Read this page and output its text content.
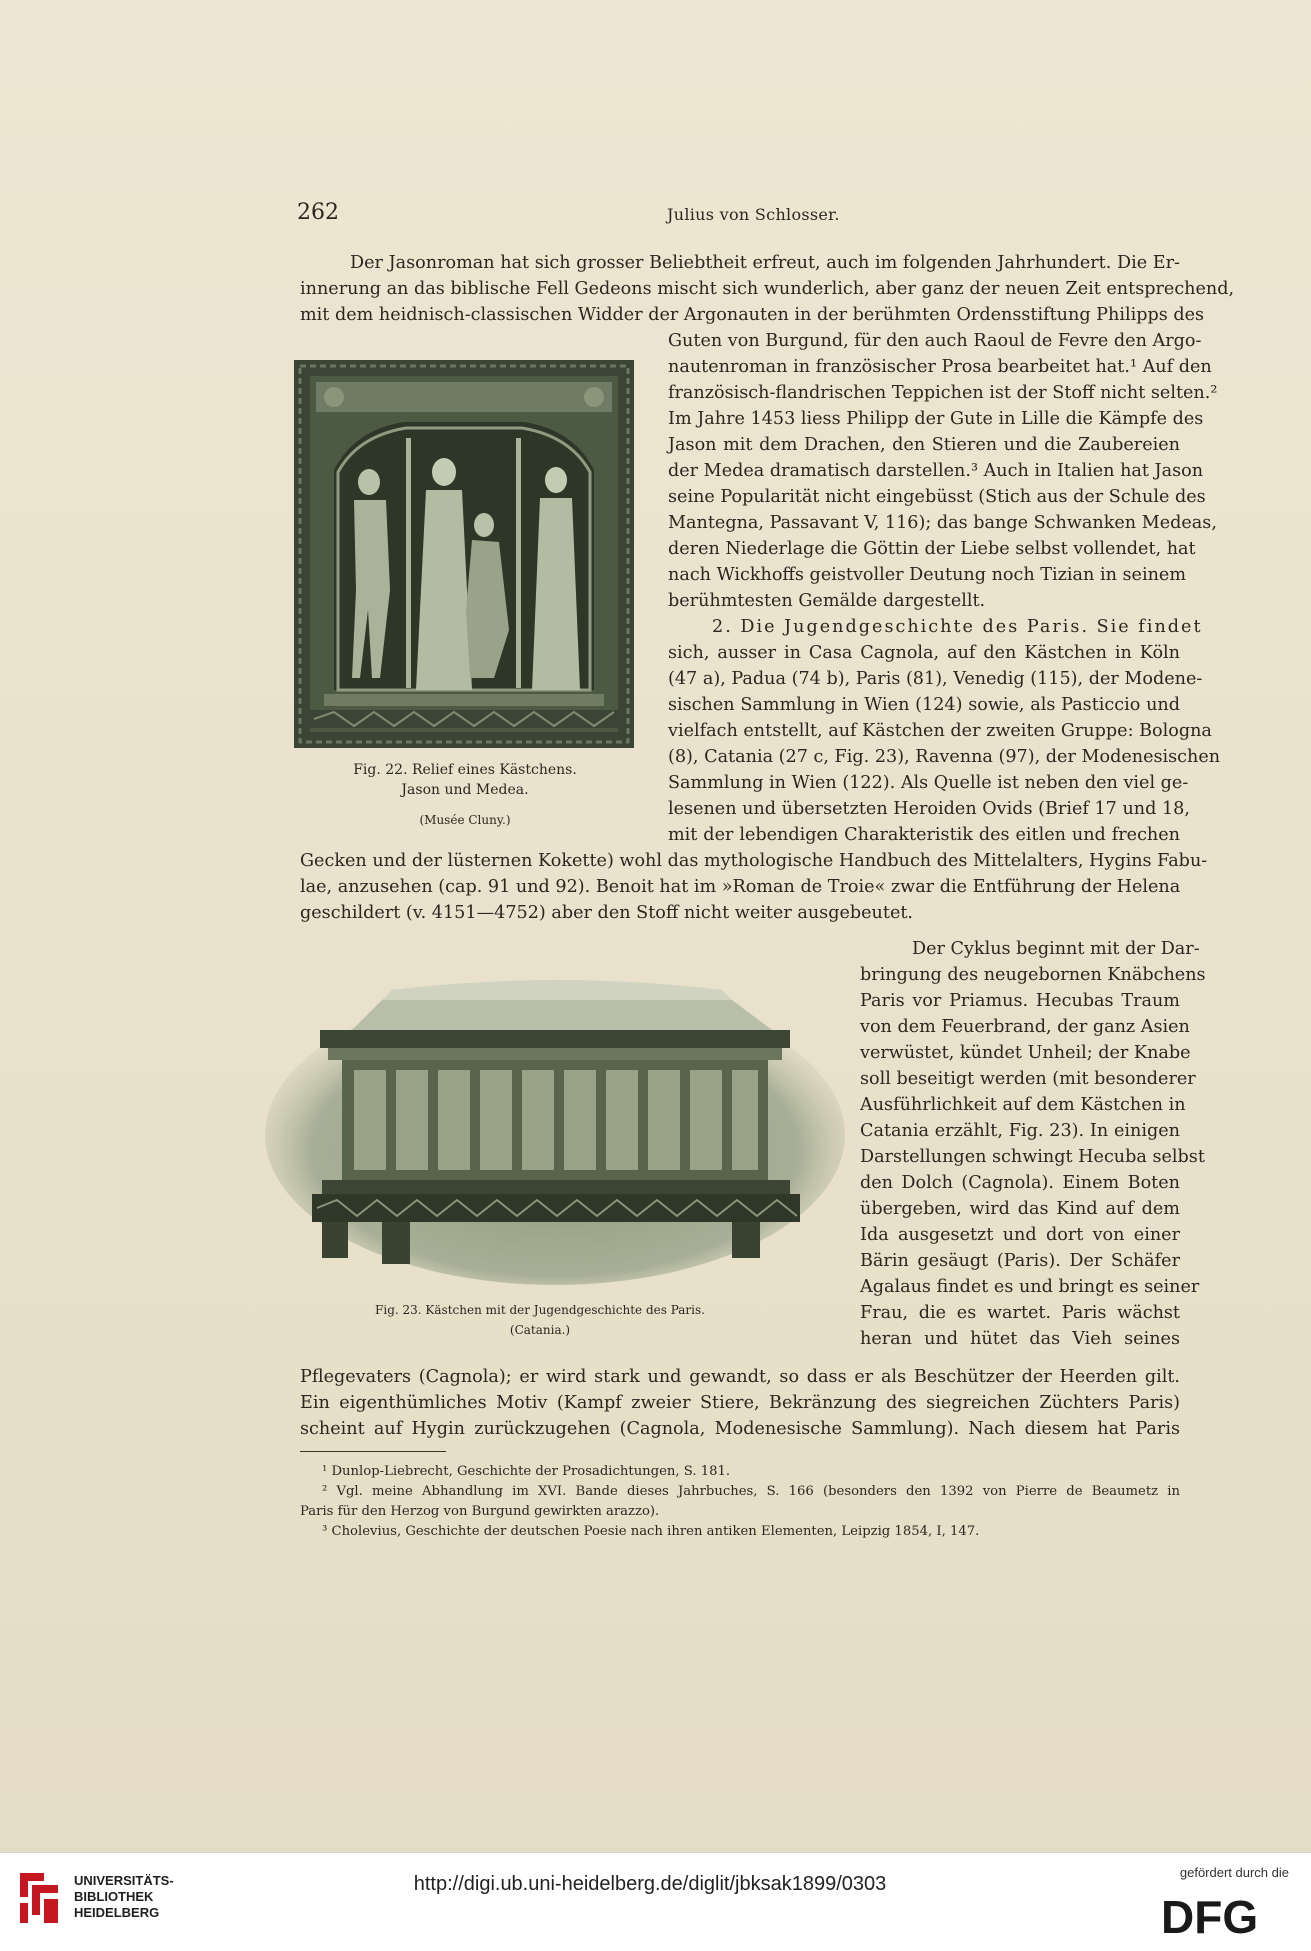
262	Julius von Schlosser.
Der Jasonroman hat sich grosser Beliebtheit erfreut, auch im folgenden Jahrhundert. Die Er-
innerung an das biblische Fell Gedeons mischt sich wunderlich, aber ganz der neuen Zeit entsprechend,
mit dem heidnisch-classischen Widder der Argonauten in der berühmten Ordensstiftung Philipps des
Guten von Burgund, für den auch Raoul de Fevre den Argo-
nautenroman in französischer Prosa bearbeitet hat.¹ Auf den
französisch-flandrischen Teppichen ist der Stoff nicht selten.²
Im Jahre 1453 liess Philipp der Gute in Lille die Kämpfe des
Jason mit dem Drachen, den Stieren und die Zaubereien
der Medea dramatisch darstellen.³ Auch in Italien hat Jason
seine Popularität nicht eingebüsst (Stich aus der Schule des
Mantegna, Passavant V, 116); das bange Schwanken Medeas,
deren Niederlage die Göttin der Liebe selbst vollendet, hat
nach Wickhoffs geistvoller Deutung noch Tizian in seinem
berühmtesten Gemälde dargestellt.
2. Die Jugendgeschichte des Paris. Sie findet
sich, ausser in Casa Cagnola, auf den Kästchen in Köln
(47 a), Padua (74 b), Paris (81), Venedig (115), der Modene-
sischen Sammlung in Wien (124) sowie, als Pasticcio und
vielfach entstellt, auf Kästchen der zweiten Gruppe: Bologna
(8), Catania (27 c, Fig. 23), Ravenna (97), der Modenesischen
Sammlung in Wien (122). Als Quelle ist neben den viel ge-
lesenen und übersetzten Heroiden Ovids (Brief 17 und 18,
mit der lebendigen Charakteristik des eitlen und frechen
Gecken und der lüsternen Kokette) wohl das mythologische Handbuch des Mittelalters, Hygins Fabu-
lae, anzusehen (cap. 91 und 92). Benoit hat im »Roman de Troie« zwar die Entführung der Helena
geschildert (v. 4151—4752) aber den Stoff nicht weiter ausgebeutet.
Der Cyklus beginnt mit der Dar-
bringung des neugebornen Knäbchens
Paris vor Priamus. Hecubas Traum
von dem Feuerbrand, der ganz Asien
verwüstet, kündet Unheil; der Knabe
soll beseitigt werden (mit besonderer
Ausführlichkeit auf dem Kästchen in
Catania erzählt, Fig. 23). In einigen
Darstellungen schwingt Hecuba selbst
den Dolch (Cagnola). Einem Boten
übergeben, wird das Kind auf dem
Ida ausgesetzt und dort von einer
Bärin gesäugt (Paris). Der Schäfer
Agalaus findet es und bringt es seiner
Frau, die es wartet. Paris wächst
heran und hütet das Vieh seines
Pflegevaters (Cagnola); er wird stark und gewandt, so dass er als Beschützer der Heerden gilt.
Ein eigenthümliches Motiv (Kampf zweier Stiere, Bekränzung des siegreichen Züchters Paris)
scheint auf Hygin zurückzugehen (Cagnola, Modenesische Sammlung). Nach diesem hat Paris
Fig. 22. Relief eines Kästchens.
Jason und Medea.
(Musée Cluny.)
Fig. 23. Kästchen mit der Jugendgeschichte des Paris.
(Catania.)
¹ Dunlop-Liebrecht, Geschichte der Prosadichtungen, S. 181.
² Vgl. meine Abhandlung im XVI. Bande dieses Jahrbuches, S. 166 (besonders den 1392 von Pierre de Beaumetz in
Paris für den Herzog von Burgund gewirkten arazzo).
³ Cholevius, Geschichte der deutschen Poesie nach ihren antiken Elementen, Leipzig 1854, I, 147.
UNIVERSITÄTS-
BIBLIOTHEK
HEIDELBERG
http://digi.ub.uni-heidelberg.de/diglit/jbksak1899/0303
gefördert durch die
DFG
